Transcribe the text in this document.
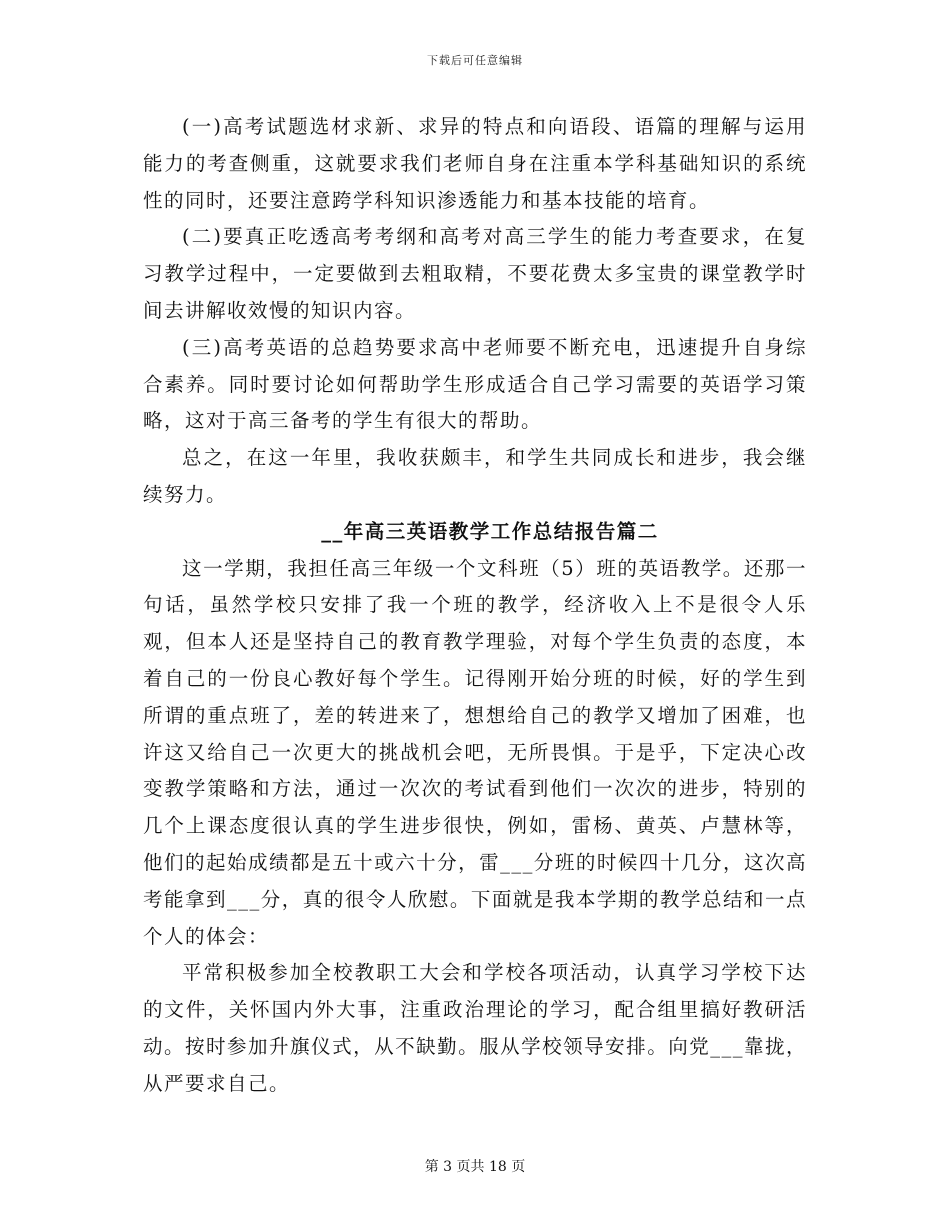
下载后可任意编辑

(一)高考试题选材求新、求异的特点和向语段、语篇的理解与运用能力的考查侧重，这就要求我们老师自身在注重本学科基础知识的系统性的同时，还要注意跨学科知识渗透能力和基本技能的培育。

(二)要真正吃透高考考纲和高考对高三学生的能力考查要求，在复习教学过程中，一定要做到去粗取精，不要花费太多宝贵的课堂教学时间去讲解收效慢的知识内容。

(三)高考英语的总趋势要求高中老师要不断充电，迅速提升自身综合素养。同时要讨论如何帮助学生形成适合自己学习需要的英语学习策略，这对于高三备考的学生有很大的帮助。

总之，在这一年里，我收获颇丰，和学生共同成长和进步，我会继续努力。

__年高三英语教学工作总结报告篇二

这一学期，我担任高三年级一个文科班（5）班的英语教学。还那一句话，虽然学校只安排了我一个班的教学，经济收入上不是很令人乐观，但本人还是坚持自己的教育教学理验，对每个学生负责的态度，本着自己的一份良心教好每个学生。记得刚开始分班的时候，好的学生到所谓的重点班了，差的转进来了，想想给自己的教学又增加了困难，也许这又给自己一次更大的挑战机会吧，无所畏惧。于是乎，下定决心改变教学策略和方法，通过一次次的考试看到他们一次次的进步，特别的几个上课态度很认真的学生进步很快，例如，雷杨、黄英、卢慧林等，他们的起始成绩都是五十或六十分，雷___分班的时候四十几分，这次高考能拿到___分，真的很令人欣慰。下面就是我本学期的教学总结和一点个人的体会：

平常积极参加全校教职工大会和学校各项活动，认真学习学校下达的文件，关怀国内外大事，注重政治理论的学习，配合组里搞好教研活动。按时参加升旗仪式，从不缺勤。服从学校领导安排。向党___靠拢，从严要求自己。

第 3 页共 18 页
